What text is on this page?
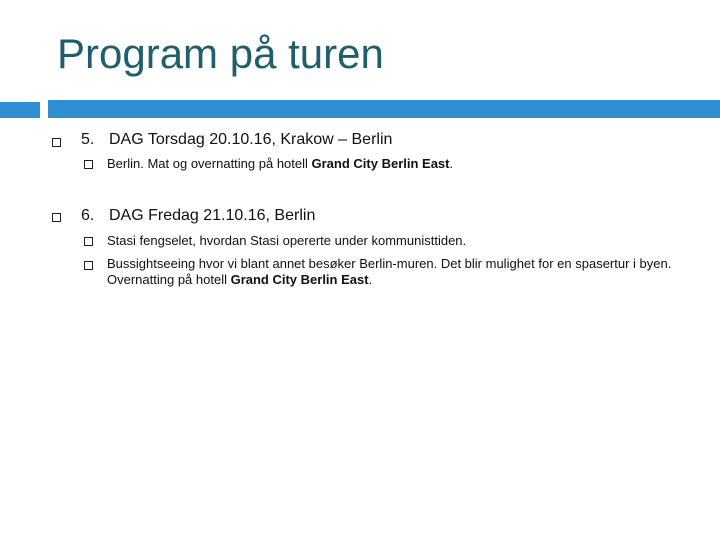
Program på turen
5. DAG Torsdag 20.10.16, Krakow – Berlin
Berlin. Mat og overnatting på hotell Grand City Berlin East.
6. DAG Fredag 21.10.16, Berlin
Stasi fengselet, hvordan Stasi opererte under kommunisttiden.
Bussightseeing hvor vi blant annet besøker Berlin-muren. Det blir mulighet for en spasertur i byen. Overnatting på hotell Grand City Berlin East.
